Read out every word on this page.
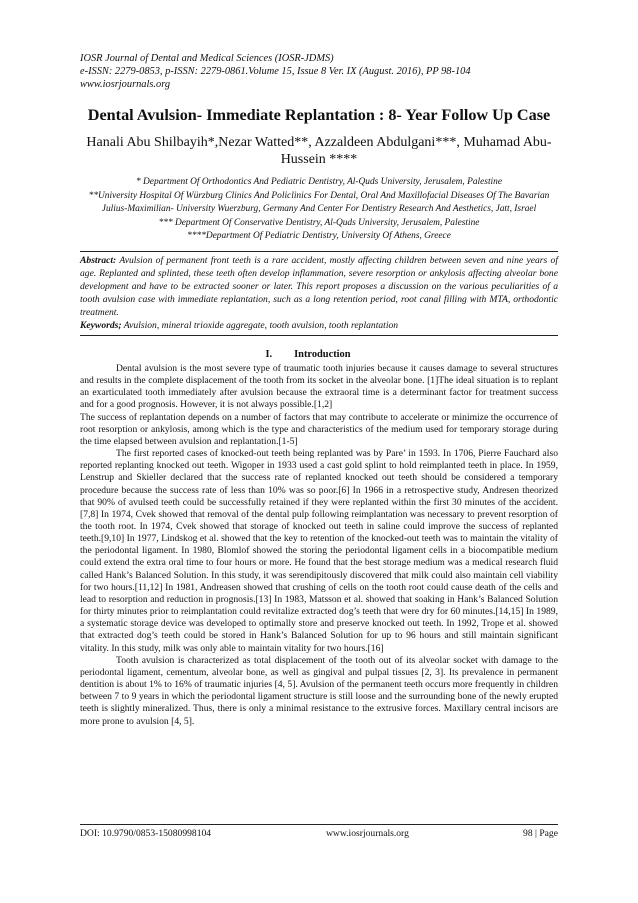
IOSR Journal of Dental and Medical Sciences (IOSR-JDMS)
e-ISSN: 2279-0853, p-ISSN: 2279-0861.Volume 15, Issue 8 Ver. IX (August. 2016), PP 98-104
www.iosrjournals.org
Dental Avulsion- Immediate Replantation : 8- Year Follow Up Case
Hanali Abu Shilbayih*,Nezar Watted**, Azzaldeen Abdulgani***, Muhamad Abu-Hussein ****
* Department Of Orthodontics And Pediatric Dentistry, Al-Quds University, Jerusalem, Palestine
**University Hospital Of Würzburg Clinics And Policlinics For Dental, Oral And Maxillofacial Diseases Of The Bavarian Julius-Maximilian- University Wuerzburg, Germany And Center For Dentistry Research And Aesthetics, Jatt, Israel
*** Department Of Conservative Dentistry, Al-Quds University, Jerusalem, Palestine
****Department Of Pediatric Dentistry, University Of Athens, Greece
Abstract: Avulsion of permanent front teeth is a rare accident, mostly affecting children between seven and nine years of age. Replanted and splinted, these teeth often develop inflammation, severe resorption or ankylosis affecting alveolar bone development and have to be extracted sooner or later. This report proposes a discussion on the various peculiarities of a tooth avulsion case with immediate replantation, such as a long retention period, root canal filling with MTA, orthodontic treatment.
Keywords; Avulsion, mineral trioxide aggregate, tooth avulsion, tooth replantation
I. Introduction

Dental avulsion is the most severe type of traumatic tooth injuries because it causes damage to several structures and results in the complete displacement of the tooth from its socket in the alveolar bone. [1]The ideal situation is to replant an exarticulated tooth immediately after avulsion because the extraoral time is a determinant factor for treatment success and for a good prognosis. However, it is not always possible.[1,2]

The success of replantation depends on a number of factors that may contribute to accelerate or minimize the occurrence of root resorption or ankylosis, among which is the type and characteristics of the medium used for temporary storage during the time elapsed between avulsion and replantation.[1-5]

The first reported cases of knocked-out teeth being replanted was by Pare’ in 1593. In 1706, Pierre Fauchard also reported replanting knocked out teeth. Wigoper in 1933 used a cast gold splint to hold reimplanted teeth in place. In 1959, Lenstrup and Skieller declared that the success rate of replanted knocked out teeth should be considered a temporary procedure because the success rate of less than 10% was so poor.[6] In 1966 in a retrospective study, Andresen theorized that 90% of avulsed teeth could be successfully retained if they were replanted within the first 30 minutes of the accident.[7,8] In 1974, Cvek showed that removal of the dental pulp following reimplantation was necessary to prevent resorption of the tooth root. In 1974, Cvek showed that storage of knocked out teeth in saline could improve the success of replanted teeth.[9,10] In 1977, Lindskog et al. showed that the key to retention of the knocked-out teeth was to maintain the vitality of the periodontal ligament. In 1980, Blomlof showed the storing the periodontal ligament cells in a biocompatible medium could extend the extra oral time to four hours or more. He found that the best storage medium was a medical research fluid called Hank’s Balanced Solution. In this study, it was serendipitously discovered that milk could also maintain cell viability for two hours.[11,12] In 1981, Andreasen showed that crushing of cells on the tooth root could cause death of the cells and lead to resorption and reduction in prognosis.[13] In 1983, Matsson et al. showed that soaking in Hank’s Balanced Solution for thirty minutes prior to reimplantation could revitalize extracted dog’s teeth that were dry for 60 minutes.[14,15] In 1989, a systematic storage device was developed to optimally store and preserve knocked out teeth. In 1992, Trope et al. showed that extracted dog’s teeth could be stored in Hank’s Balanced Solution for up to 96 hours and still maintain significant vitality. In this study, milk was only able to maintain vitality for two hours.[16]

Tooth avulsion is characterized as total displacement of the tooth out of its alveolar socket with damage to the periodontal ligament, cementum, alveolar bone, as well as gingival and pulpal tissues [2, 3]. Its prevalence in permanent dentition is about 1% to 16% of traumatic injuries [4, 5]. Avulsion of the permanent teeth occurs more frequently in children between 7 to 9 years in which the periodontal ligament structure is still loose and the surrounding bone of the newly erupted teeth is slightly mineralized. Thus, there is only a minimal resistance to the extrusive forces. Maxillary central incisors are more prone to avulsion [4, 5].

DOI: 10.9790/0853-15080998104	www.iosrjournals.org	98 | Page
